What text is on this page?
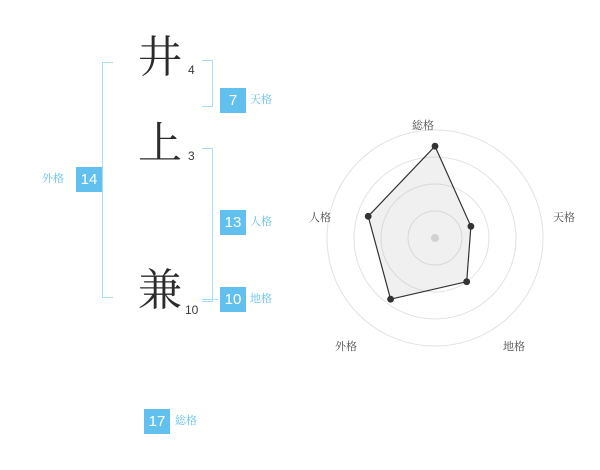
井 4
上 3
兼 10
7	天格
13 人格
10 地格
14
外格
17 総格
総格
天格
地格
外格
人格
